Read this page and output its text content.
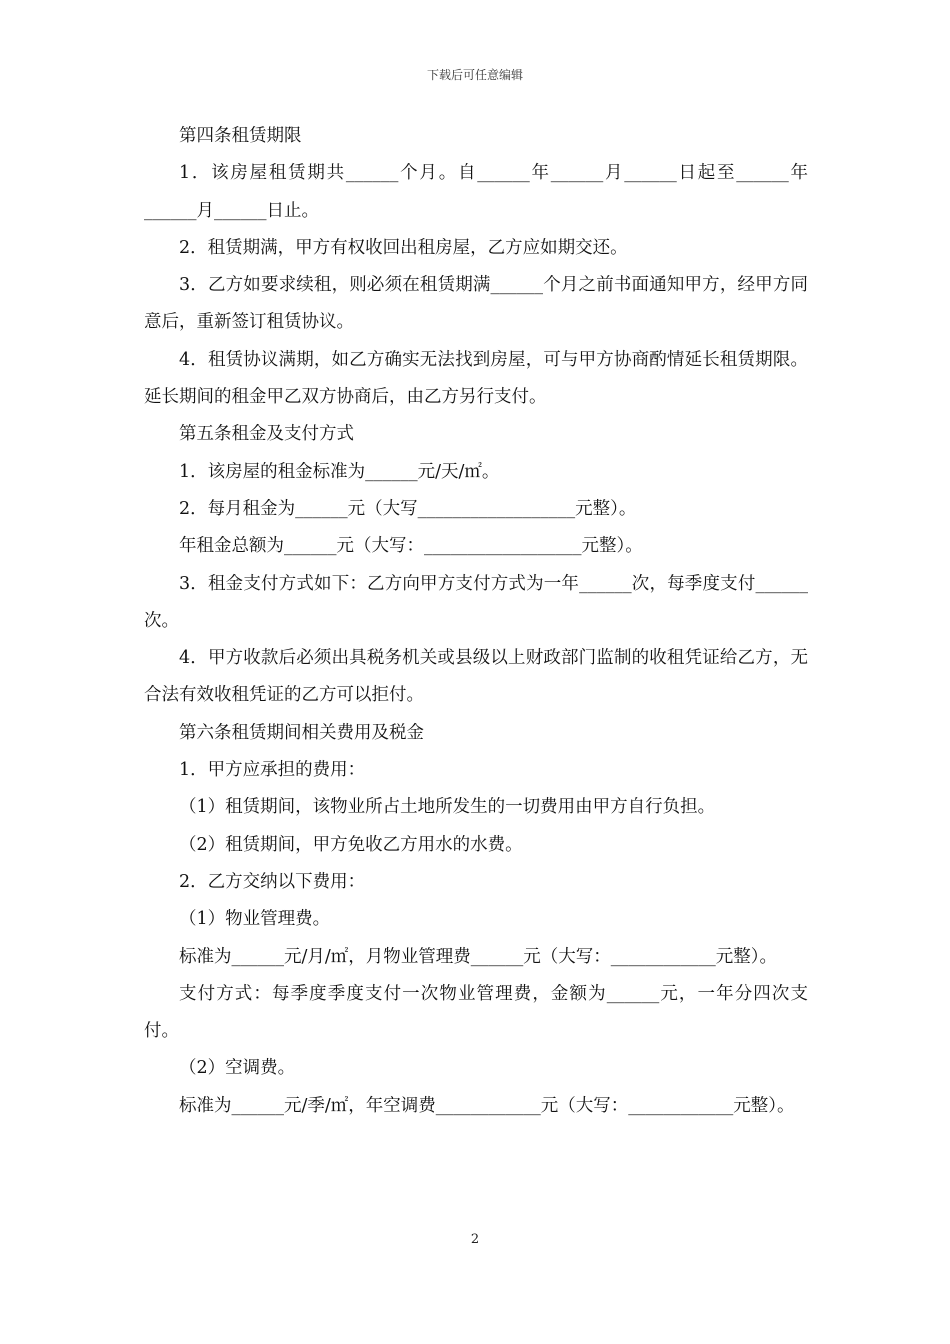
下载后可任意编辑

第四条租赁期限

1．该房屋租赁期共______个月。自______年______月______日起至______年______月______日止。

2．租赁期满，甲方有权收回出租房屋，乙方应如期交还。

3．乙方如要求续租，则必须在租赁期满______个月之前书面通知甲方，经甲方同意后，重新签订租赁协议。

4．租赁协议满期，如乙方确实无法找到房屋，可与甲方协商酌情延长租赁期限。延长期间的租金甲乙双方协商后，由乙方另行支付。

第五条租金及支付方式

1．该房屋的租金标准为______元/天/㎡。

2．每月租金为______元（大写__________________元整）。

年租金总额为______元（大写：__________________元整）。

3．租金支付方式如下：乙方向甲方支付方式为一年______次，每季度支付______次。

4．甲方收款后必须出具税务机关或县级以上财政部门监制的收租凭证给乙方，无合法有效收租凭证的乙方可以拒付。

第六条租赁期间相关费用及税金

1．甲方应承担的费用：

（1）租赁期间，该物业所占土地所发生的一切费用由甲方自行负担。

（2）租赁期间，甲方免收乙方用水的水费。

2．乙方交纳以下费用：

（1）物业管理费。

标准为______元/月/㎡，月物业管理费______元（大写：____________元整）。

支付方式：每季度季度支付一次物业管理费，金额为______元，一年分四次支付。

（2）空调费。

标准为______元/季/㎡，年空调费____________元（大写：____________元整）。

2
